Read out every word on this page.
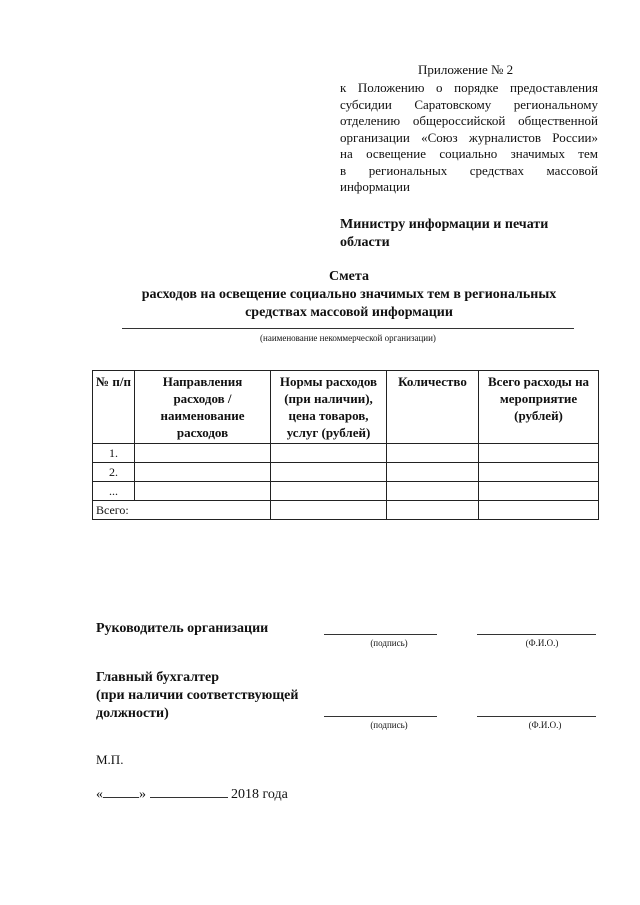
Приложение № 2
к Положению о порядке предоставления
субсидии Саратовскому региональному
отделению общероссийской общественной
организации «Союз журналистов России»
на освещение социально значимых тем
в региональных средствах массовой
информации
Министру информации и печати
области
Смета
расходов на освещение социально значимых тем в региональных
средствах массовой информации
(наименование некоммерческой организации)
№ п/п	Направления расходов / наименование расходов	Нормы расходов (при наличии), цена товаров, услуг (рублей)	Количество	Всего расходы на мероприятие (рублей)
1.				
2.				
...				
Всего:				
Руководитель организации
(подпись)	(Ф.И.О.)
Главный бухгалтер
(при наличии соответствующей
должности)
(подпись)	(Ф.И.О.)
М.П.
«	»	2018 года
